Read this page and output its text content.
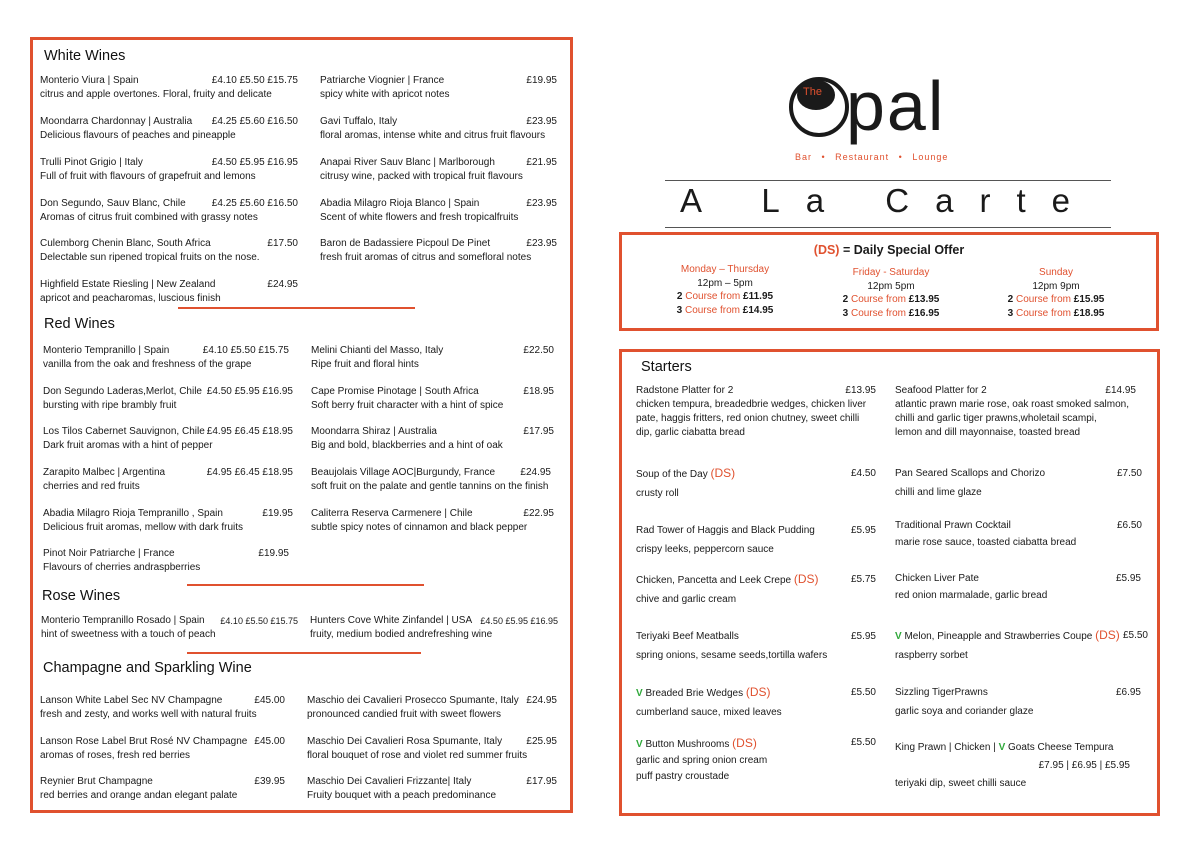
White Wines
Monterio Viura | Spain	£4.10 £5.50 £15.75
citrus and apple overtones. Floral, fruity and delicate
Moondarra Chardonnay | Australia £4.25 £5.60 £16.50
Delicious flavours of peaches and pineapple
Trulli Pinot Grigio | Italy	£4.50 £5.95 £16.95
Full of fruit with flavours of grapefruit and lemons
Don Segundo, Sauv Blanc, Chile	£4.25 £5.60 £16.50
Aromas of citrus fruit combined with grassy notes
Culemborg Chenin Blanc, South Africa	£17.50
Delectable sun ripened tropical fruits on the nose.
Highfield Estate Riesling | New Zealand	£24.95
apricot and peacharomas, luscious finish
Patriarche Viognier | France	£19.95
spicy white with apricot notes
Gavi Tuffalo, Italy	£23.95
floral aromas, intense white and citrus fruit flavours
Anapai River Sauv Blanc | Marlborough	£21.95
citrusy wine, packed with tropical fruit flavours
Abadia Milagro Rioja Blanco | Spain	£23.95
Scent of white flowers and fresh tropicalfruits
Baron de Badassiere Picpoul De Pinet	£23.95
fresh fruit aromas of citrus and somefloral notes
Red Wines
Monterio Tempranillo | Spain	£4.10 £5.50 £15.75
vanilla from the oak and freshness of the grape
Don Segundo Laderas,Merlot, Chile £4.50 £5.95 £16.95
bursting with ripe brambly fruit
Los Tilos Cabernet Sauvignon, Chile £4.95 £6.45 £18.95
Dark fruit aromas with a hint of pepper
Zarapito Malbec | Argentina	£4.95 £6.45 £18.95
cherries and red fruits
Abadia Milagro Rioja Tempranillo , Spain	£19.95
Delicious fruit aromas, mellow with dark fruits
Pinot Noir Patriarche | France	£19.95
Flavours of cherries andraspberries
Melini Chianti del Masso, Italy	£22.50
Ripe fruit and floral hints
Cape Promise Pinotage | South Africa	£18.95
Soft berry fruit character with a hint of spice
Moondarra Shiraz | Australia	£17.95
Big and bold, blackberries and a hint of oak
Beaujolais Village AOC|Burgundy, France	£24.95
soft fruit on the palate and gentle tannins on the finish
Caliterra Reserva Carmenere | Chile	£22.95
subtle spicy notes of cinnamon and black pepper
Rose Wines
Monterio Tempranillo Rosado | Spain £4.10 £5.50 £15.75
hint of sweetness with a touch of peach
Hunters Cove White Zinfandel | USA £4.50 £5.95 £16.95
fruity, medium bodied andrefreshing wine
Champagne and Sparkling Wine
Lanson White Label Sec NV Champagne	£45.00
fresh and zesty, and works well with natural fruits
Lanson Rose Label Brut Rosé NV Champagne £45.00
aromas of roses, fresh red berries
Reynier Brut Champagne	£39.95
red berries and orange andan elegant palate
Maschio dei Cavalieri Prosecco Spumante, Italy £24.95
pronounced candied fruit with sweet flowers
Maschio Dei Cavalieri Rosa Spumante, Italy £25.95
floral bouquet of rose and violet red summer fruits
Maschio Dei Cavalieri Frizzante| Italy	£17.95
Fruity bouquet with a peach predominance
The pal
Bar • Restaurant • Lounge
A La Carte
(DS) = Daily Special Offer
Monday – Thursday
12pm – 5pm
2 Course from £11.95
3 Course from £14.95
Friday - Saturday
12pm 5pm
2 Course from £13.95
3 Course from £16.95
Sunday
12pm 9pm
2 Course from £15.95
3 Course from £18.95
Starters
Radstone Platter for 2	£13.95
chicken tempura, breadedbrie wedges, chicken liver
pate, haggis fritters, red onion chutney, sweet chilli
dip, garlic ciabatta bread
Soup of the Day (DS)	£4.50
crusty roll
Rad Tower of Haggis and Black Pudding	£5.95
crispy leeks, peppercorn sauce
Chicken, Pancetta and Leek Crepe (DS)	£5.75
chive and garlic cream
Teriyaki Beef Meatballs	£5.95
spring onions, sesame seeds,tortilla wafers
V Breaded Brie Wedges (DS)	£5.50
cumberland sauce, mixed leaves
V Button Mushrooms (DS)	£5.50
garlic and spring onion cream
puff pastry croustade
Seafood Platter for 2	£14.95
atlantic prawn marie rose, oak roast smoked salmon,
chilli and garlic tiger prawns,wholetail scampi,
lemon and dill mayonnaise, toasted bread
Pan Seared Scallops and Chorizo	£7.50
chilli and lime glaze
Traditional Prawn Cocktail	£6.50
marie rose sauce, toasted ciabatta bread
Chicken Liver Pate	£5.95
red onion marmalade, garlic bread
V Melon, Pineapple and Strawberries Coupe (DS) £5.50
raspberry sorbet
Sizzling TigerPrawns	£6.95
garlic soya and coriander glaze
King Prawn | Chicken | V Goats Cheese Tempura
£7.95 | £6.95 | £5.95
teriyaki dip, sweet chilli sauce
